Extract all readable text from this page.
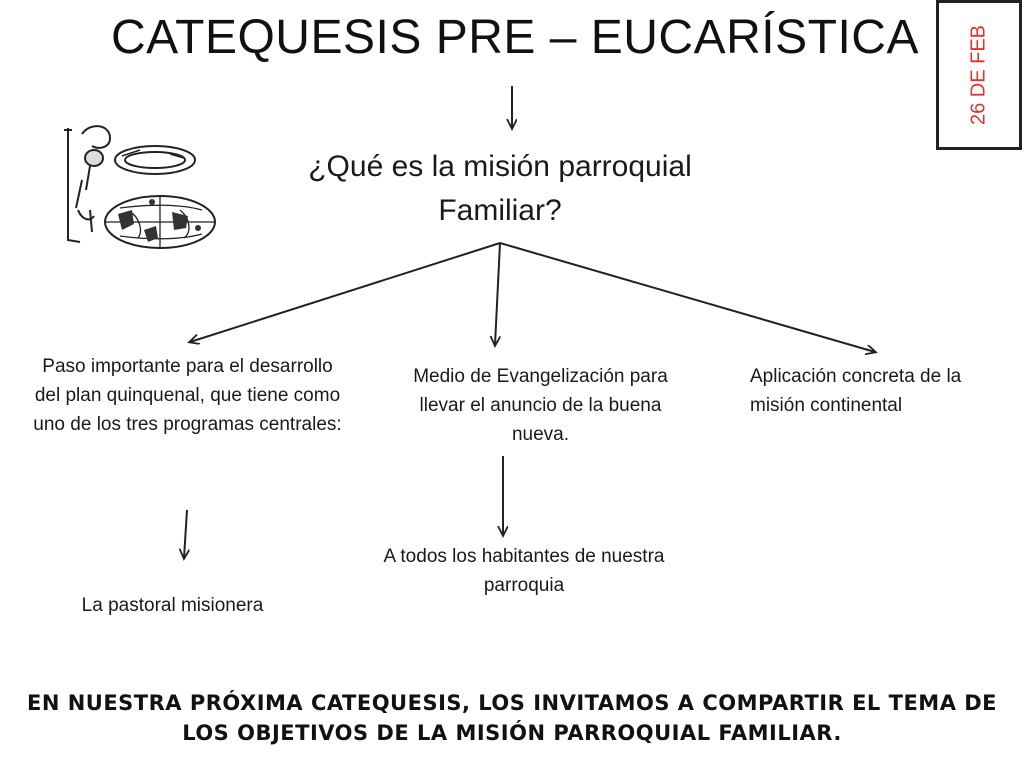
CATEQUESIS PRE – EUCARÍSTICA	26 DE FEB
¿Qué es la misión parroquial Familiar?
Paso importante para el desarrollo del plan quinquenal, que tiene como uno de los tres programas centrales:
Medio de Evangelización para llevar el anuncio de la buena nueva.
Aplicación concreta de la misión continental
La pastoral misionera
A todos los habitantes de nuestra parroquia
EN NUESTRA PRÓXIMA CATEQUESIS, LOS INVITAMOS A COMPARTIR EL TEMA DE LOS OBJETIVOS DE LA MISIÓN PARROQUIAL FAMILIAR.
